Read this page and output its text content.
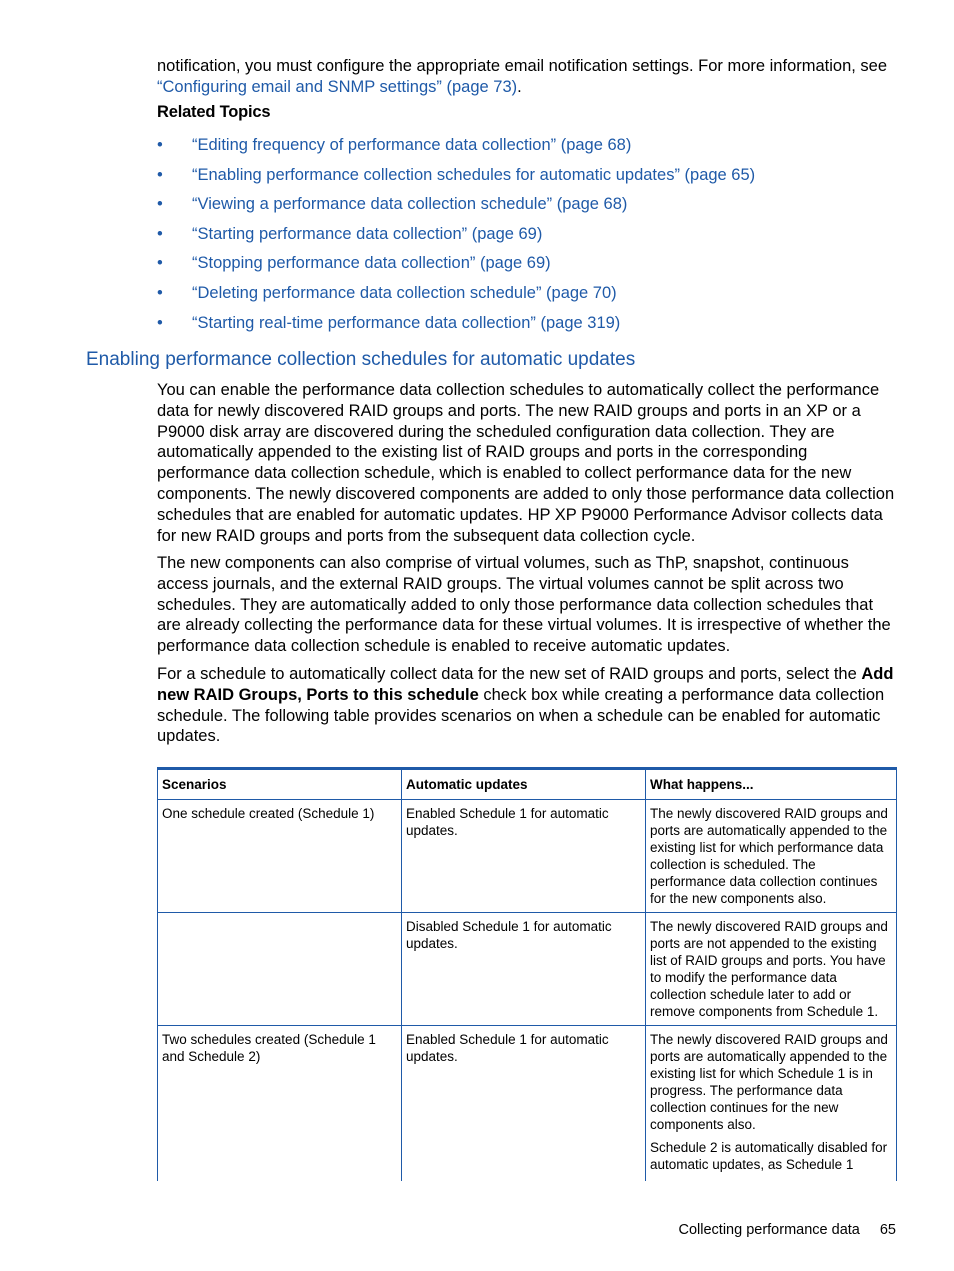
notification, you must configure the appropriate email notification settings. For more information, see “Configuring email and SNMP settings” (page 73).

Related Topics
• “Editing frequency of performance data collection” (page 68)
• “Enabling performance collection schedules for automatic updates” (page 65)
• “Viewing a performance data collection schedule” (page 68)
• “Starting performance data collection” (page 69)
• “Stopping performance data collection” (page 69)
• “Deleting performance data collection schedule” (page 70)
• “Starting real-time performance data collection” (page 319)
Enabling performance collection schedules for automatic updates

You can enable the performance data collection schedules to automatically collect the performance data for newly discovered RAID groups and ports. The new RAID groups and ports in an XP or a P9000 disk array are discovered during the scheduled configuration data collection. They are automatically appended to the existing list of RAID groups and ports in the corresponding performance data collection schedule, which is enabled to collect performance data for the new components. The newly discovered components are added to only those performance data collection schedules that are enabled for automatic updates. HP XP P9000 Performance Advisor collects data for new RAID groups and ports from the subsequent data collection cycle.

The new components can also comprise of virtual volumes, such as ThP, snapshot, continuous access journals, and the external RAID groups. The virtual volumes cannot be split across two schedules. They are automatically added to only those performance data collection schedules that are already collecting the performance data for these virtual volumes. It is irrespective of whether the performance data collection schedule is enabled to receive automatic updates.

For a schedule to automatically collect data for the new set of RAID groups and ports, select the Add new RAID Groups, Ports to this schedule check box while creating a performance data collection schedule. The following table provides scenarios on when a schedule can be enabled for automatic updates.

Scenarios	Automatic updates	What happens...
One schedule created (Schedule 1)	Enabled Schedule 1 for automatic updates.	The newly discovered RAID groups and ports are automatically appended to the existing list for which performance data collection is scheduled. The performance data collection continues for the new components also.

	Disabled Schedule 1 for automatic updates.	The newly discovered RAID groups and ports are not appended to the existing list of RAID groups and ports. You have to modify the performance data collection schedule later to add or remove components from Schedule 1.

Two schedules created (Schedule 1 and Schedule 2)	Enabled Schedule 1 for automatic updates.	The newly discovered RAID groups and ports are automatically appended to the existing list for which Schedule 1 is in progress. The performance data collection continues for the new components also.

Schedule 2 is automatically disabled for automatic updates, as Schedule 1

Collecting performance data 65
